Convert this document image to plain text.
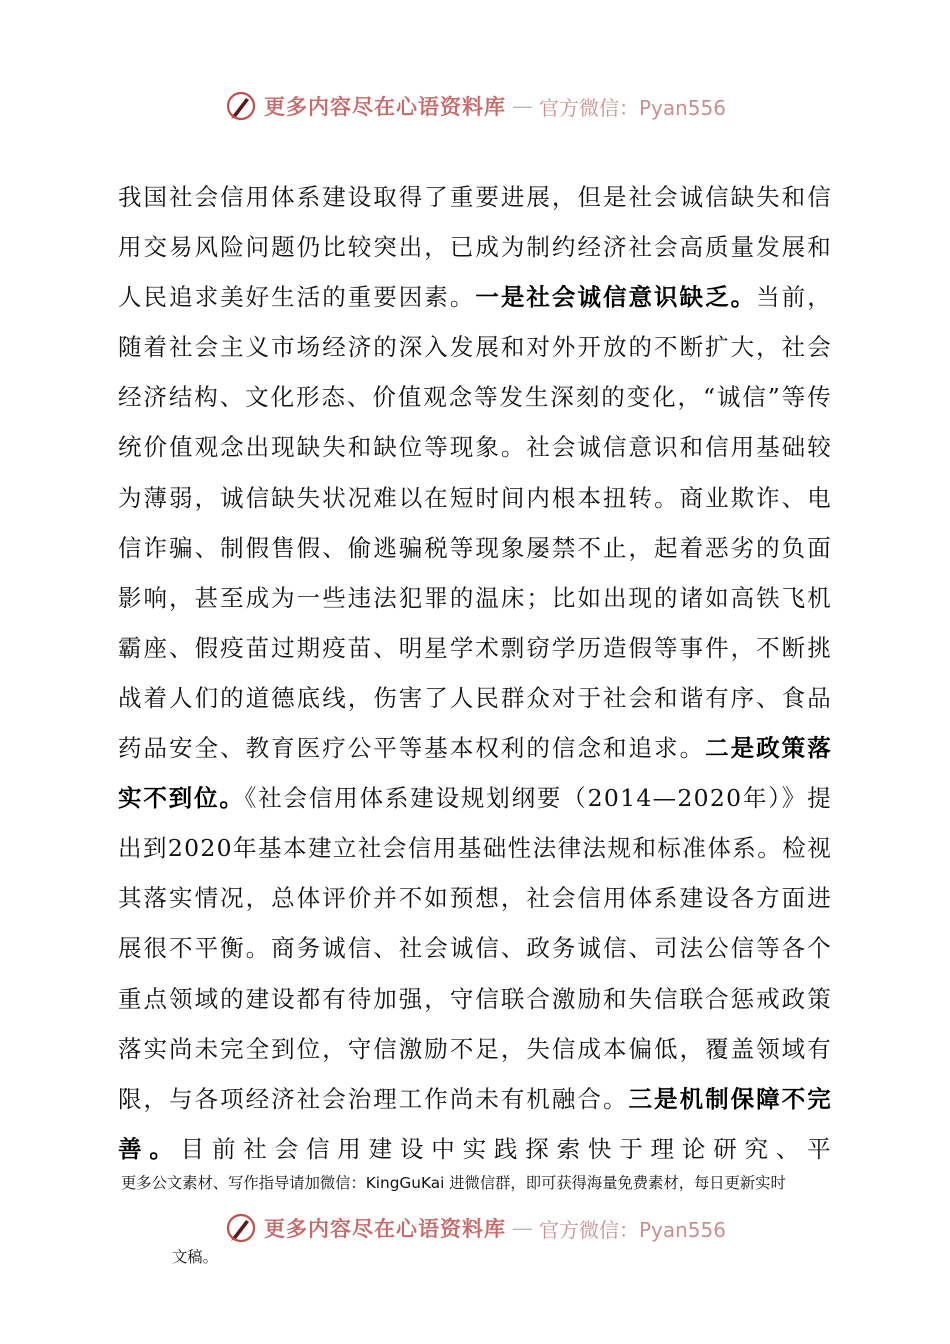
更多内容尽在心语资料库 — 官方微信：Pyan556

我国社会信用体系建设取得了重要进展，但是社会诚信缺失和信用交易风险问题仍比较突出，已成为制约经济社会高质量发展和人民追求美好生活的重要因素。一是社会诚信意识缺乏。当前，随着社会主义市场经济的深入发展和对外开放的不断扩大，社会经济结构、文化形态、价值观念等发生深刻的变化，“诚信”等传统价值观念出现缺失和缺位等现象。社会诚信意识和信用基础较为薄弱，诚信缺失状况难以在短时间内根本扭转。商业欺诈、电信诈骗、制假售假、偷逃骗税等现象屡禁不止，起着恶劣的负面影响，甚至成为一些违法犯罪的温床；比如出现的诸如高铁飞机霸座、假疫苗过期疫苗、明星学术剽窃学历造假等事件，不断挑战着人们的道德底线，伤害了人民群众对于社会和谐有序、食品药品安全、教育医疗公平等基本权利的信念和追求。二是政策落实不到位。《社会信用体系建设规划纲要（2014—2020年）》提出到2020年基本建立社会信用基础性法律法规和标准体系。检视其落实情况，总体评价并不如预想，社会信用体系建设各方面进展很不平衡。商务诚信、社会诚信、政务诚信、司法公信等各个重点领域的建设都有待加强，守信联合激励和失信联合惩戒政策落实尚未完全到位，守信激励不足，失信成本偏低，覆盖领域有限，与各项经济社会治理工作尚未有机融合。三是机制保障不完善。目前社会信用建设中实践探索快于理论研究、平

更多公文素材、写作指导请加微信：KingGuKai 进微信群，即可获得海量免费素材，每日更新实时
更多内容尽在心语资料库 — 官方微信：Pyan556
文稿。
